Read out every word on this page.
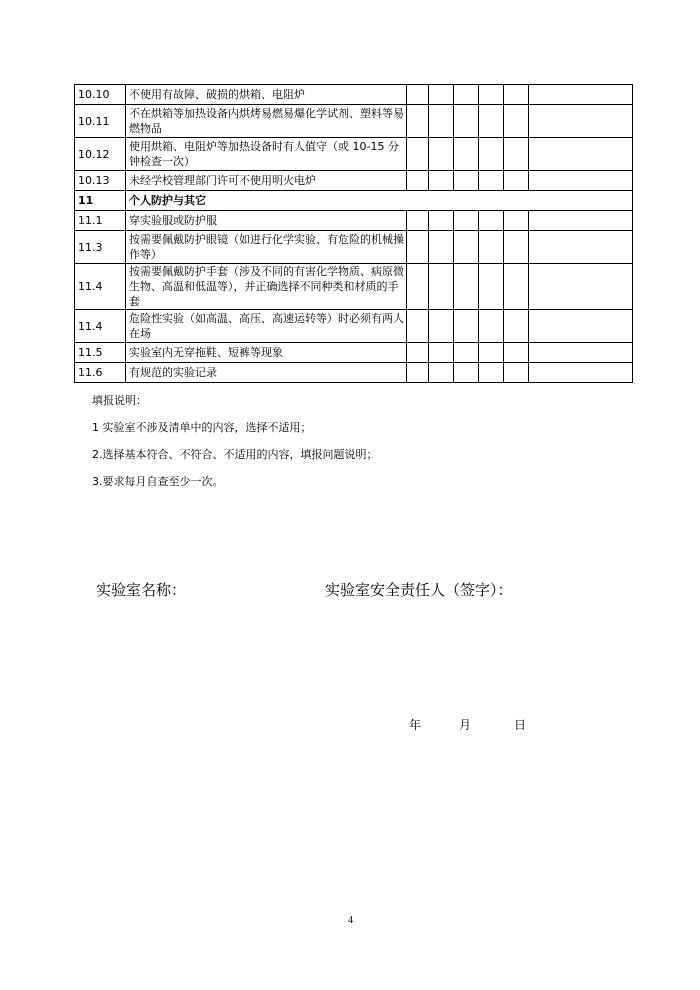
10.10	不使用有故障、破损的烘箱、电阻炉						
10.11	不在烘箱等加热设备内烘烤易燃易爆化学试剂、塑料等易燃物品						
10.12	使用烘箱、电阻炉等加热设备时有人值守（或 10-15 分钟检查一次）						
10.13	未经学校管理部门许可不使用明火电炉						
11	个人防护与其它						
11.1	穿实验服或防护服						
11.3	按需要佩戴防护眼镜（如进行化学实验、有危险的机械操作等）						
11.4	按需要佩戴防护手套（涉及不同的有害化学物质、病原微生物、高温和低温等），并正确选择不同种类和材质的手套						
11.4	危险性实验（如高温、高压、高速运转等）时必须有两人在场						
11.5	实验室内无穿拖鞋、短裤等现象						
11.6	有规范的实验记录						

填报说明：

1 实验室不涉及清单中的内容，选择不适用；

2.选择基本符合、不符合、不适用的内容，填报问题说明；

3.要求每月自查至少一次。

实验室名称：	实验室安全责任人（签字）：
年	月	日
4
